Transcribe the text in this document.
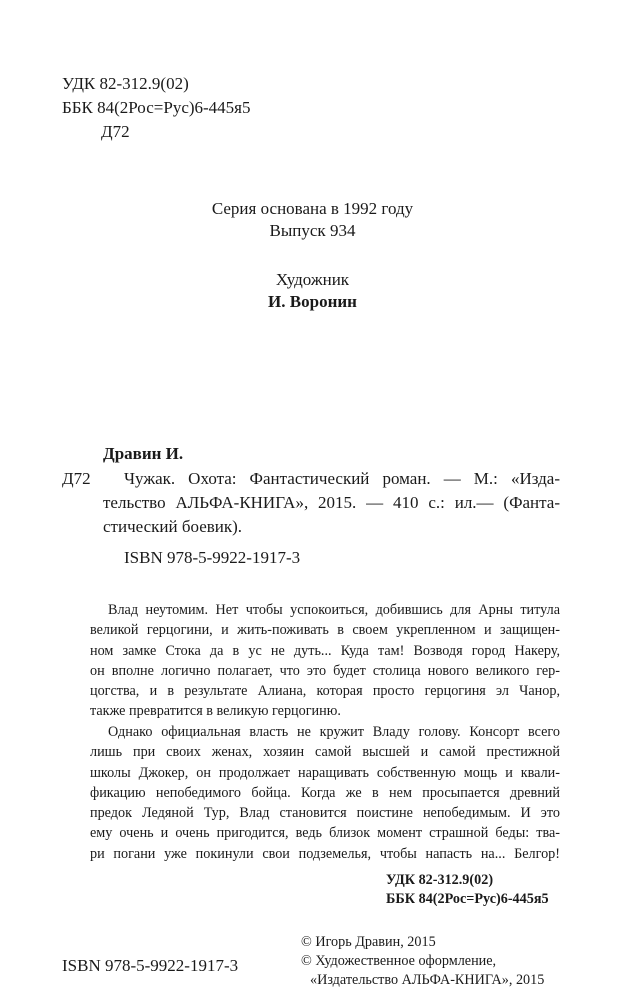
УДК 82-312.9(02)
ББК 84(2Рос=Рус)6-445я5
Д72
Серия основана в 1992 году
Выпуск 934
Художник
И. Воронин
Дравин И.
Д72 Чужак. Охота: Фантастический роман. — М.: «Изда-
тельство АЛЬФА-КНИГА», 2015. — 410 с.: ил.— (Фанта-
стический боевик).
ISBN 978-5-9922-1917-3
Влад неутомим. Нет чтобы успокоиться, добившись для Арны титула
великой герцогини, и жить-поживать в своем укрепленном и защищен-
ном замке Стока да в ус не дуть... Куда там! Возводя город Накеру,
он вполне логично полагает, что это будет столица нового великого гер-
цогства, и в результате Алиана, которая просто герцогиня эл Чанор,
также превратится в великую герцогиню.
Однако официальная власть не кружит Владу голову. Консорт всего
лишь при своих женах, хозяин самой высшей и самой престижной
школы Джокер, он продолжает наращивать собственную мощь и квали-
фикацию непобедимого бойца. Когда же в нем просыпается древний
предок Ледяной Тур, Влад становится поистине непобедимым. И это
ему очень и очень пригодится, ведь близок момент страшной беды: тва-
ри погани уже покинули свои подземелья, чтобы напасть на... Белгор!
УДК 82-312.9(02)
ББК 84(2Рос=Рус)6-445я5
© Игорь Дравин, 2015
© Художественное оформление,
«Издательство АЛЬФА-КНИГА», 2015
ISBN 978-5-9922-1917-3
